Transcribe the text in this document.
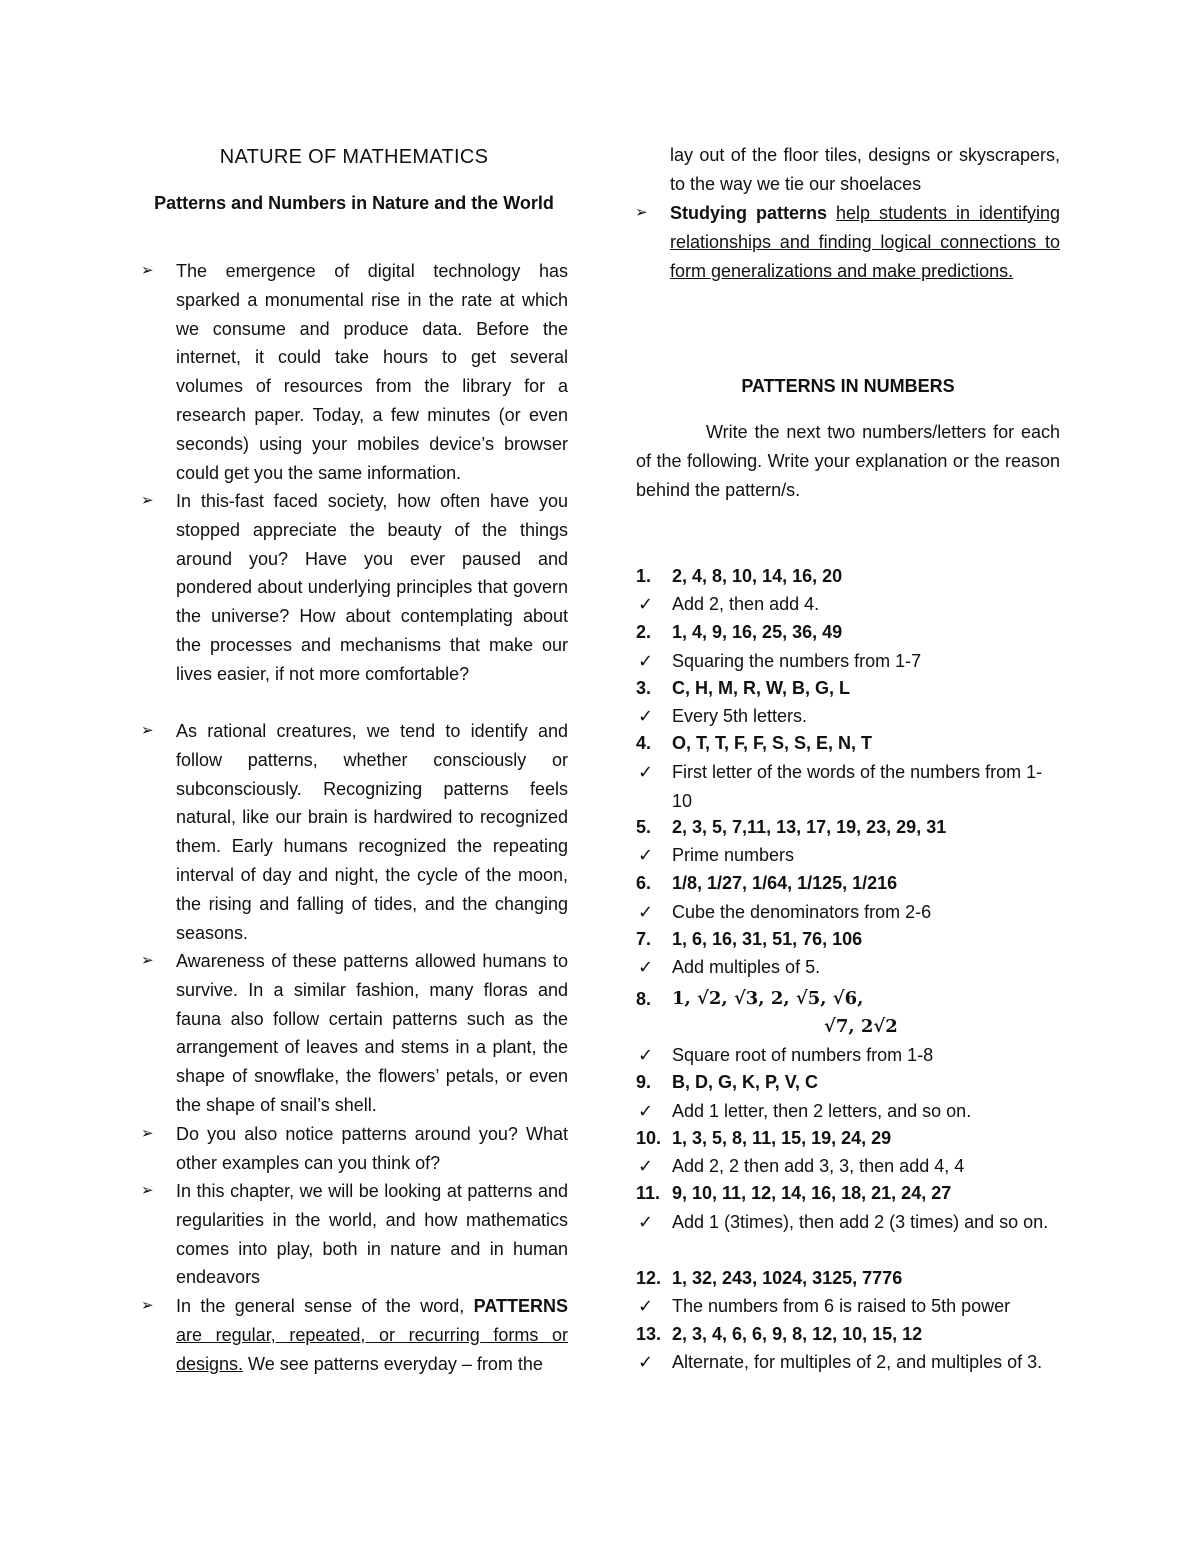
NATURE OF MATHEMATICS
Patterns and Numbers in Nature and the World
➢ The emergence of digital technology has sparked a monumental rise in the rate at which we consume and produce data. Before the internet, it could take hours to get several volumes of resources from the library for a research paper. Today, a few minutes (or even seconds) using your mobiles device’s browser could get you the same information.
➢ In this-fast faced society, how often have you stopped appreciate the beauty of the things around you? Have you ever paused and pondered about underlying principles that govern the universe? How about contemplating about the processes and mechanisms that make our lives easier, if not more comfortable?
➢ As rational creatures, we tend to identify and follow patterns, whether consciously or subconsciously. Recognizing patterns feels natural, like our brain is hardwired to recognized them. Early humans recognized the repeating interval of day and night, the cycle of the moon, the rising and falling of tides, and the changing seasons.
➢ Awareness of these patterns allowed humans to survive. In a similar fashion, many floras and fauna also follow certain patterns such as the arrangement of leaves and stems in a plant, the shape of snowflake, the flowers’ petals, or even the shape of snail’s shell.
➢ Do you also notice patterns around you? What other examples can you think of?
➢ In this chapter, we will be looking at patterns and regularities in the world, and how mathematics comes into play, both in nature and in human endeavors
➢ In the general sense of the word, PATTERNS are regular, repeated, or recurring forms or designs. We see patterns everyday – from the
lay out of the floor tiles, designs or skyscrapers, to the way we tie our shoelaces
➢ Studying patterns help students in identifying relationships and finding logical connections to form generalizations and make predictions.
PATTERNS IN NUMBERS
Write the next two numbers/letters for each of the following. Write your explanation or the reason behind the pattern/s.
1. 2, 4, 8, 10, 14, 16, 20
✓ Add 2, then add 4.
2. 1, 4, 9, 16, 25, 36, 49
✓ Squaring the numbers from 1-7
3. C, H, M, R, W, B, G, L
✓ Every 5th letters.
4. O, T, T, F, F, S, S, E, N, T
✓ First letter of the words of the numbers from 1-10
5. 2, 3, 5, 7,11, 13, 17, 19, 23, 29, 31
✓ Prime numbers
6. 1/8, 1/27, 1/64, 1/125, 1/216
✓ Cube the denominators from 2-6
7. 1, 6, 16, 31, 51, 76, 106
✓ Add multiples of 5.
8. 1, √2, √3, 2, √5, √6,
√7, 2√2
✓ Square root of numbers from 1-8
9. B, D, G, K, P, V, C
✓ Add 1 letter, then 2 letters, and so on.
10. 1, 3, 5, 8, 11, 15, 19, 24, 29
✓ Add 2, 2 then add 3, 3, then add 4, 4
11. 9, 10, 11, 12, 14, 16, 18, 21, 24, 27
✓ Add 1 (3times), then add 2 (3 times) and so on.
12. 1, 32, 243, 1024, 3125, 7776
✓ The numbers from 6 is raised to 5th power
13. 2, 3, 4, 6, 6, 9, 8, 12, 10, 15, 12
✓ Alternate, for multiples of 2, and multiples of 3.
